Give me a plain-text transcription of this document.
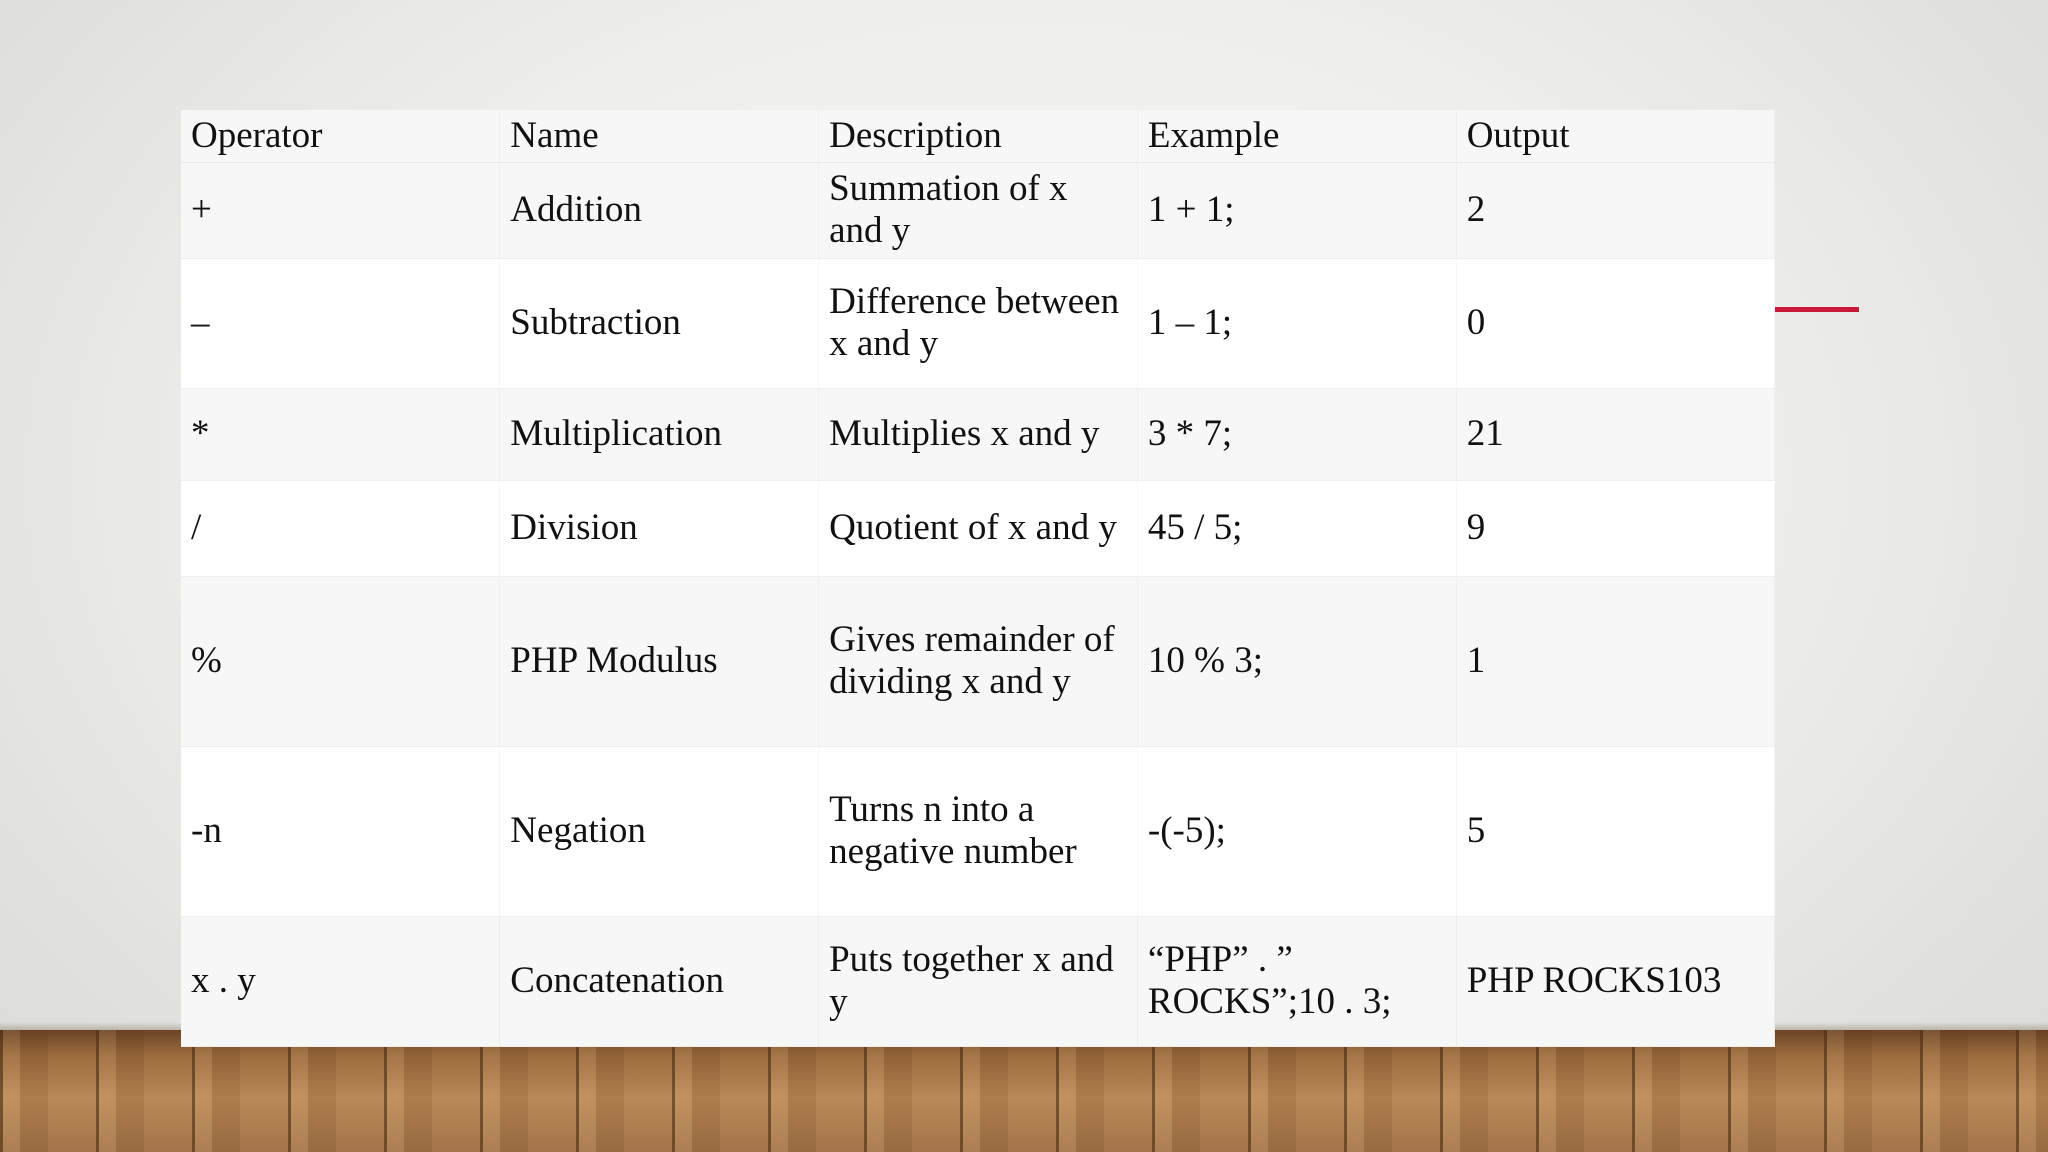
Operator	Name	Description	Example	Output
+	Addition	Summation of x and y	1 + 1;	2
–	Subtraction	Difference between x and y	1 – 1;	0
*	Multiplication	Multiplies x and y	3 * 7;	21
/	Division	Quotient of x and y	45 / 5;	9
%	PHP Modulus	Gives remainder of dividing x and y	10 % 3;	1
-n	Negation	Turns n into a negative number	-(-5);	5
x . y	Concatenation	Puts together x and y	“PHP” . ” ROCKS”;10 . 3;	PHP ROCKS103
